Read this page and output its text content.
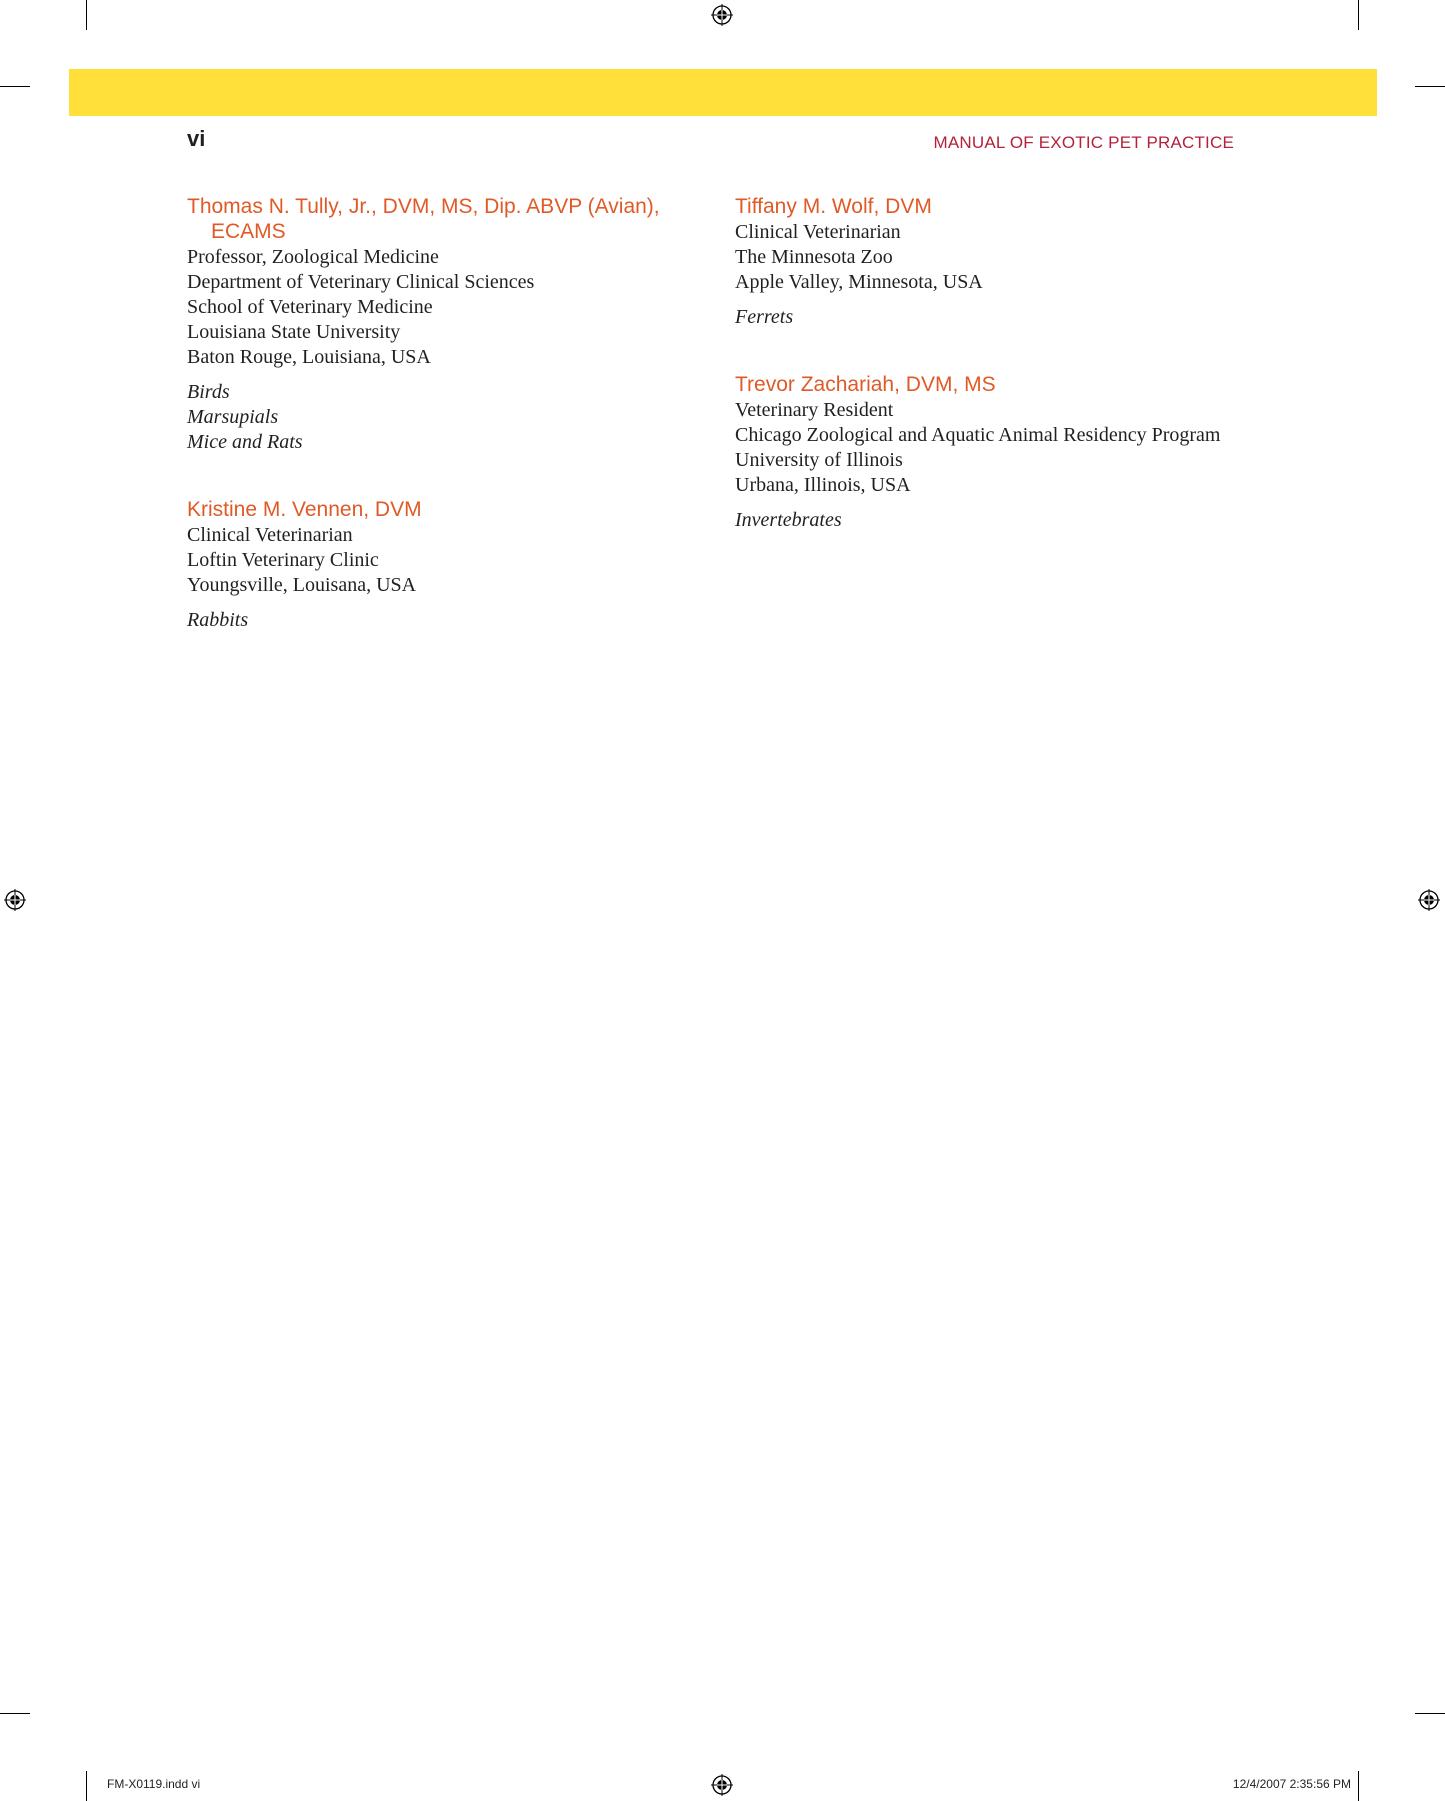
vi	MANUAL OF EXOTIC PET PRACTICE
Thomas N. Tully, Jr., DVM, MS, Dip. ABVP (Avian), ECAMS
Professor, Zoological Medicine
Department of Veterinary Clinical Sciences
School of Veterinary Medicine
Louisiana State University
Baton Rouge, Louisiana, USA
Birds
Marsupials
Mice and Rats
Kristine M. Vennen, DVM
Clinical Veterinarian
Loftin Veterinary Clinic
Youngsville, Louisana, USA
Rabbits
Tiffany M. Wolf, DVM
Clinical Veterinarian
The Minnesota Zoo
Apple Valley, Minnesota, USA
Ferrets
Trevor Zachariah, DVM, MS
Veterinary Resident
Chicago Zoological and Aquatic Animal Residency Program
University of Illinois
Urbana, Illinois, USA
Invertebrates
FM-X0119.indd vi	12/4/2007 2:35:56 PM
